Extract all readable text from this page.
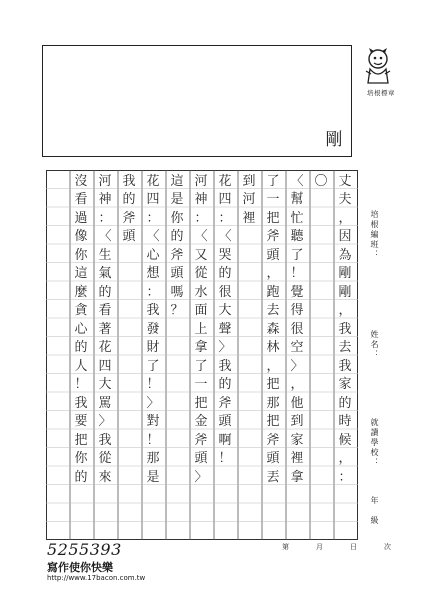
剛
培根標章
丈
夫
，
因
為
剛
剛
，
我
去
我
家
的
時
候
，
：
〇
〈
幫
忙
聽
了
！
覺
得
很
空
〉
，
他
到
家
裡
拿
了
一
把
斧
頭
，
跑
去
森
林
，
把
那
把
斧
頭
丟
到
河
裡
花
四
：
〈
哭
的
很
大
聲
〉
我
的
斧
頭
啊
！
河
神
：
〈
又
從
水
面
上
拿
了
一
把
金
斧
頭
〉
這
是
你
的
斧
頭
嗎
？
花
四
：
〈
心
想
：
我
發
財
了
！
〉
對
！
那
是
我
的
斧
頭
河
神
：
〈
生
氣
的
看
著
花
四
大
罵
〉
我
從
來
沒
看
過
像
你
這
麼
貪
心
的
人
！
我
要
把
你
的
培根編班：
姓名：
就讀學校：
年　級
5255393
寫作使你快樂
http://www.17bacon.com.tw
第　月　日　次
